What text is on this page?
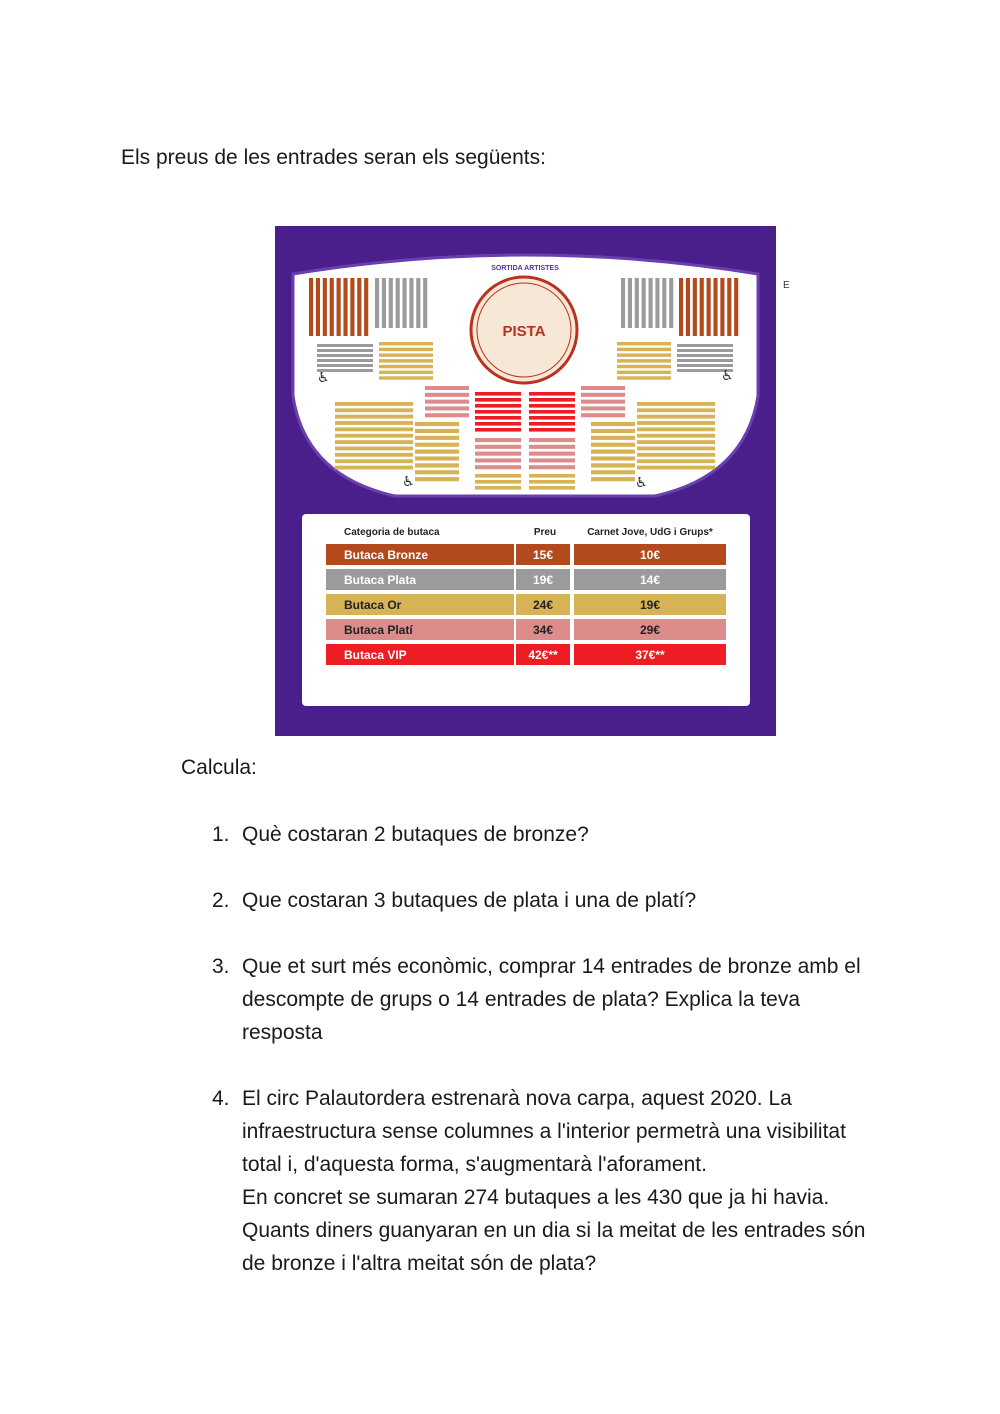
Els preus de les entrades seran els següents:

SORTIDA ARTISTES
PISTA
♿	♿
♿	♿
Categoria de butaca	Preu	Carnet Jove, UdG i Grups*
Butaca Bronze	15€	10€
Butaca Plata	19€	14€
Butaca Or	24€	19€
Butaca Platí	34€	29€
Butaca VIP	42€**	37€**
* Titulars Carnet Jove, estudiants UdG menors de 29 anys i grups de més de 14 persones.
** Inclou accés a la Sala VIP amb una consumició.
E

Calcula:

1. Què costaran 2 butaques de bronze?
2. Que costaran 3 butaques de plata i una de platí?
3. Que et surt més econòmic, comprar 14 entrades de bronze amb el
descompte de grups o 14 entrades de plata? Explica la teva
resposta
4. El circ Palautordera estrenarà nova carpa, aquest 2020. La
infraestructura sense columnes a l'interior permetrà una visibilitat
total i, d'aquesta forma, s'augmentarà l'aforament.
En concret se sumaran 274 butaques a les 430 que ja hi havia.
Quants diners guanyaran en un dia si la meitat de les entrades són
de bronze i l'altra meitat són de plata?
